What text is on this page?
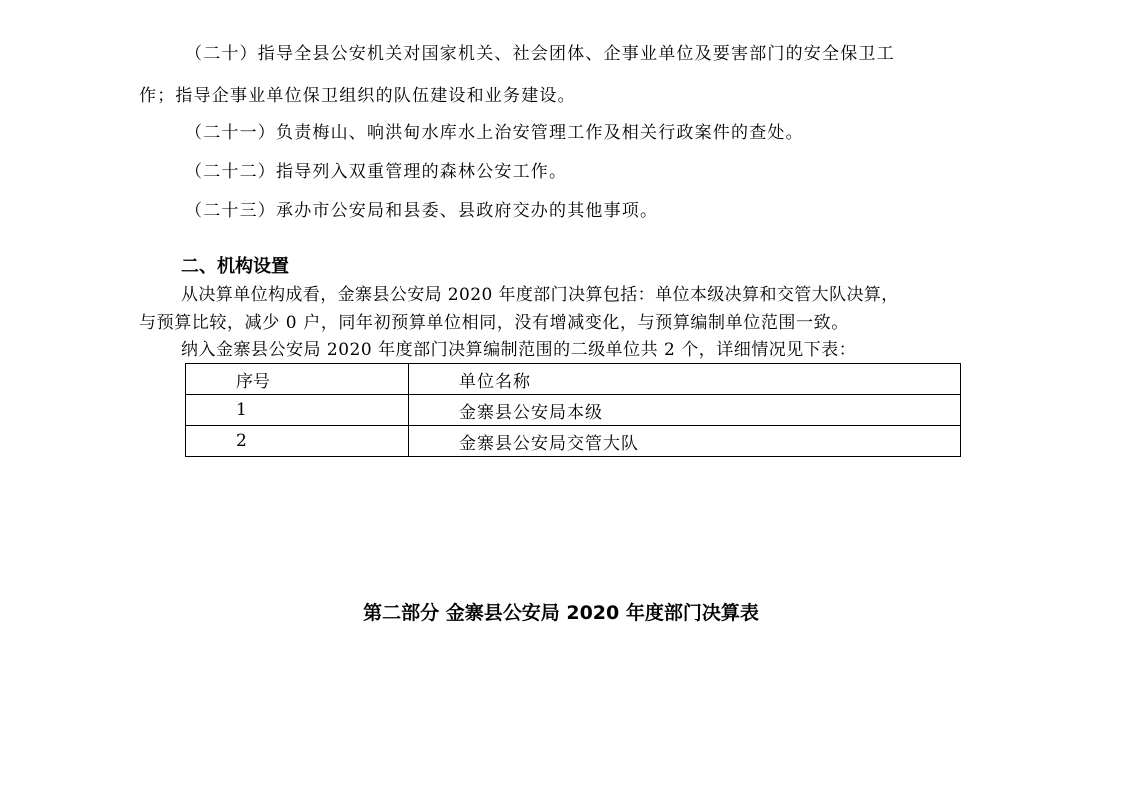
（二十）指导全县公安机关对国家机关、社会团体、企事业单位及要害部门的安全保卫工
作；指导企事业单位保卫组织的队伍建设和业务建设。
（二十一）负责梅山、响洪甸水库水上治安管理工作及相关行政案件的查处。
（二十二）指导列入双重管理的森林公安工作。
（二十三）承办市公安局和县委、县政府交办的其他事项。
二、机构设置
从决算单位构成看，金寨县公安局 2020 年度部门决算包括：单位本级决算和交管大队决算，
与预算比较，减少 0 户，同年初预算单位相同，没有增减变化，与预算编制单位范围一致。
纳入金寨县公安局 2020 年度部门决算编制范围的二级单位共 2 个，详细情况见下表：
序号	单位名称
1	金寨县公安局本级
2	金寨县公安局交管大队
第二部分 金寨县公安局 2020 年度部门决算表
